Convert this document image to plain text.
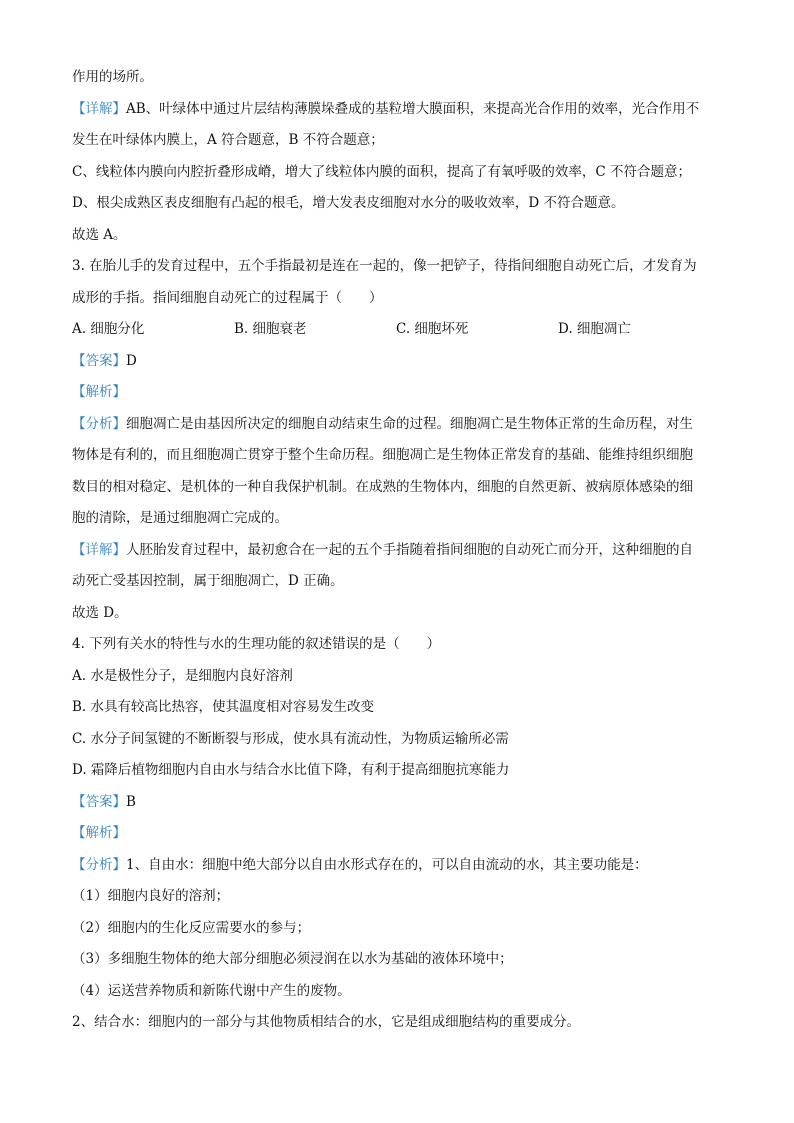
作用的场所。
【详解】AB、叶绿体中通过片层结构薄膜垛叠成的基粒增大膜面积，来提高光合作用的效率，光合作用不
发生在叶绿体内膜上，A 符合题意，B 不符合题意；
C、线粒体内膜向内腔折叠形成嵴，增大了线粒体内膜的面积，提高了有氧呼吸的效率，C 不符合题意；
D、根尖成熟区表皮细胞有凸起的根毛，增大发表皮细胞对水分的吸收效率，D 不符合题意。
故选 A。
3. 在胎儿手的发育过程中，五个手指最初是连在一起的，像一把铲子，待指间细胞自动死亡后，才发育为
成形的手指。指间细胞自动死亡的过程属于（　　）
A. 细胞分化	B. 细胞衰老	C. 细胞坏死	D. 细胞凋亡
【答案】D
【解析】
【分析】细胞凋亡是由基因所决定的细胞自动结束生命的过程。细胞凋亡是生物体正常的生命历程，对生
物体是有利的，而且细胞凋亡贯穿于整个生命历程。细胞凋亡是生物体正常发育的基础、能维持组织细胞
数目的相对稳定、是机体的一种自我保护机制。在成熟的生物体内，细胞的自然更新、被病原体感染的细
胞的清除，是通过细胞凋亡完成的。
【详解】人胚胎发育过程中，最初愈合在一起的五个手指随着指间细胞的自动死亡而分开，这种细胞的自
动死亡受基因控制，属于细胞凋亡，D 正确。
故选 D。
4. 下列有关水的特性与水的生理功能的叙述错误的是（　　）
A. 水是极性分子，是细胞内良好溶剂
B. 水具有较高比热容，使其温度相对容易发生改变
C. 水分子间氢键的不断断裂与形成，使水具有流动性，为物质运输所必需
D. 霜降后植物细胞内自由水与结合水比值下降，有利于提高细胞抗寒能力
【答案】B
【解析】
【分析】1、自由水：细胞中绝大部分以自由水形式存在的，可以自由流动的水，其主要功能是：
（1）细胞内良好的溶剂；
（2）细胞内的生化反应需要水的参与；
（3）多细胞生物体的绝大部分细胞必须浸润在以水为基础的液体环境中；
（4）运送营养物质和新陈代谢中产生的废物。
2、结合水：细胞内的一部分与其他物质相结合的水，它是组成细胞结构的重要成分。
